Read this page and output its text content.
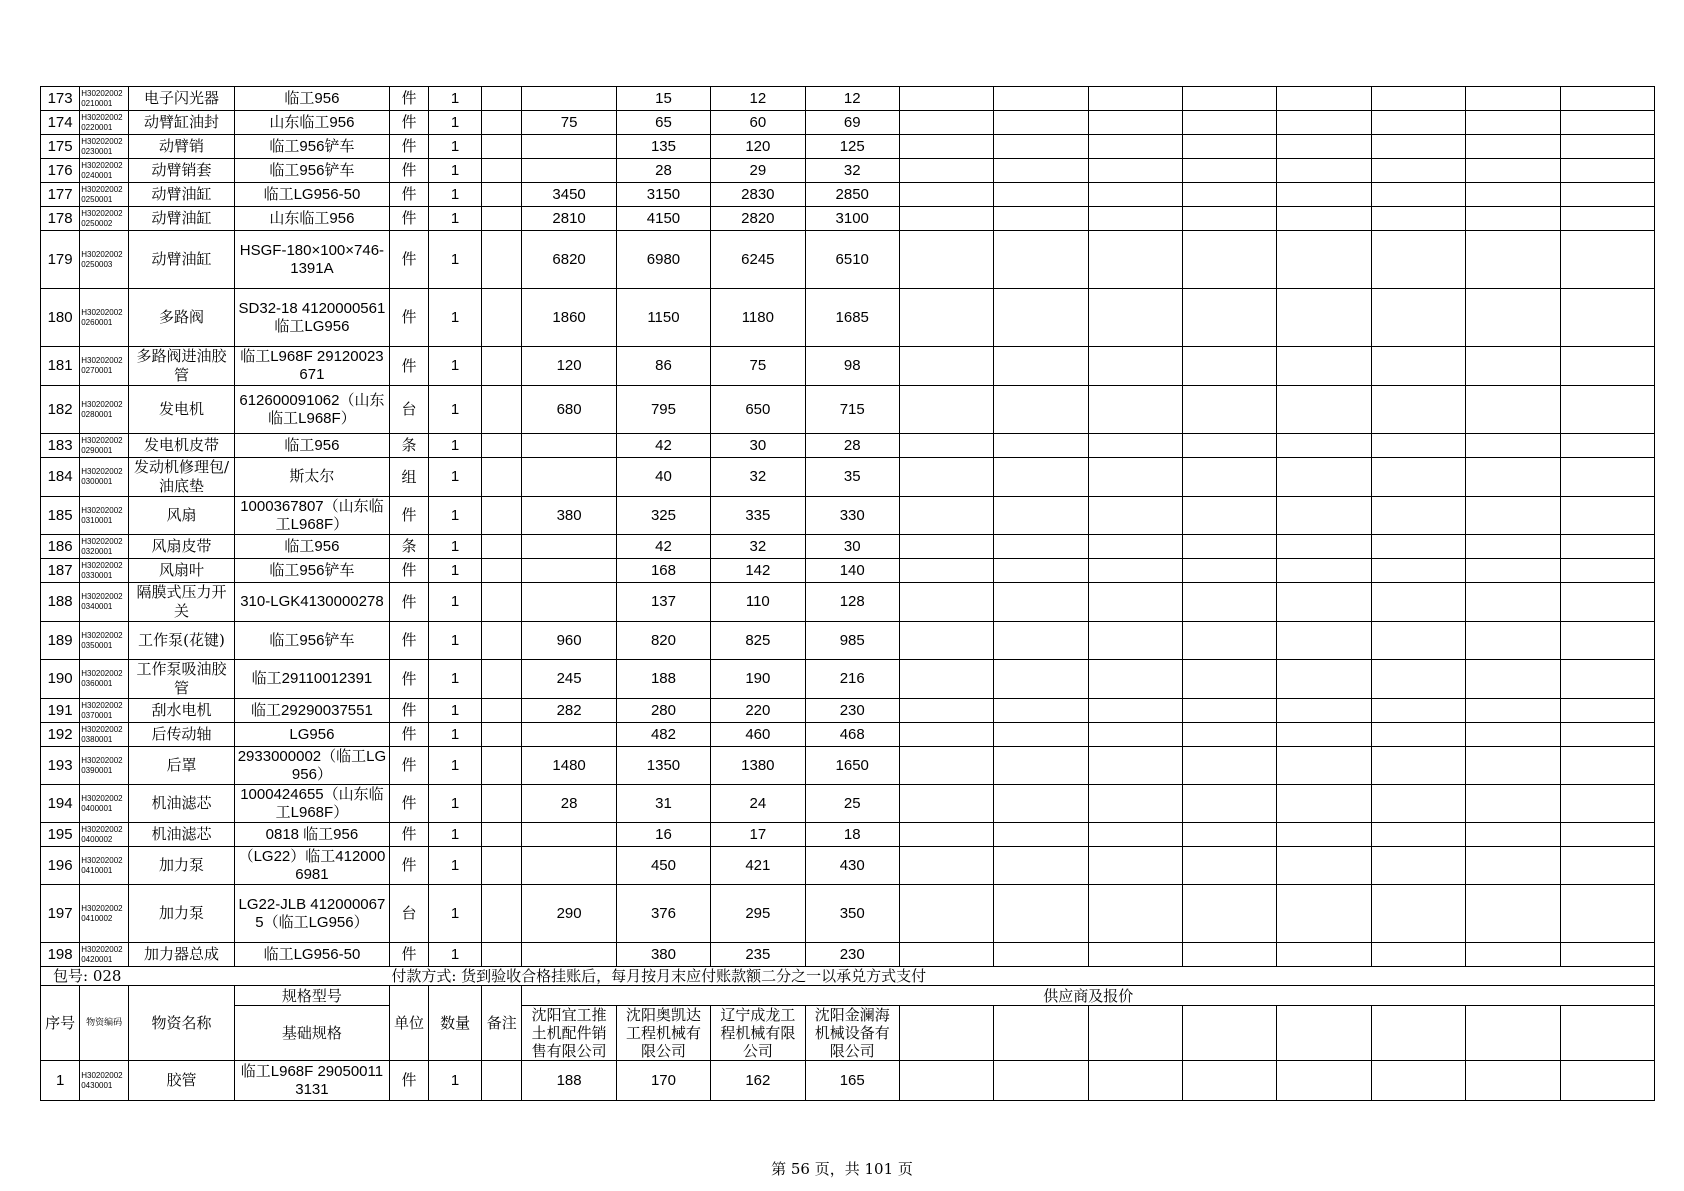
173	H302020020210001	电子闪光器	临工956	件	1			15	12	12								
174	H302020020220001	动臂缸油封	山东临工956	件	1		75	65	60	69								
175	H302020020230001	动臂销	临工956铲车	件	1			135	120	125								
176	H302020020240001	动臂销套	临工956铲车	件	1			28	29	32								
177	H302020020250001	动臂油缸	临工LG956-50	件	1		3450	3150	2830	2850								
178	H302020020250002	动臂油缸	山东临工956	件	1		2810	4150	2820	3100								
179	H302020020250003	动臂油缸	HSGF-180×100×746-1391A	件	1		6820	6980	6245	6510								
180	H302020020260001	多路阀	SD32-18 4120000561临工LG956	件	1		1860	1150	1180	1685								
181	H302020020270001	多路阀进油胶管	临工L968F 29120023671	件	1		120	86	75	98								
182	H302020020280001	发电机	612600091062（山东临工L968F）	台	1		680	795	650	715								
183	H302020020290001	发电机皮带	临工956	条	1			42	30	28								
184	H302020020300001	发动机修理包/油底垫	斯太尔	组	1			40	32	35								
185	H302020020310001	风扇	1000367807（山东临工L968F）	件	1		380	325	335	330								
186	H302020020320001	风扇皮带	临工956	条	1			42	32	30								
187	H302020020330001	风扇叶	临工956铲车	件	1			168	142	140								
188	H302020020340001	隔膜式压力开关	310-LGK4130000278	件	1			137	110	128								
189	H302020020350001	工作泵(花键)	临工956铲车	件	1		960	820	825	985								
190	H302020020360001	工作泵吸油胶管	临工29110012391	件	1		245	188	190	216								
191	H302020020370001	刮水电机	临工29290037551	件	1		282	280	220	230								
192	H302020020380001	后传动轴	LG956	件	1			482	460	468								
193	H302020020390001	后罩	2933000002（临工LG956）	件	1		1480	1350	1380	1650								
194	H302020020400001	机油滤芯	1000424655（山东临工L968F）	件	1		28	31	24	25								
195	H302020020400002	机油滤芯	0818 临工956	件	1			16	17	18								
196	H302020020410001	加力泵	（LG22）临工4120006981	件	1			450	421	430								
197	H302020020410002	加力泵	LG22-JLB 4120000675（临工LG956）	台	1		290	376	295	350								
198	H302020020420001	加力器总成	临工LG956-50	件	1			380	235	230								
包号: 028				付款方式: 货到验收合格挂账后，每月按月末应付账款额二分之一以承兑方式支付														
序号	物资编码	物资名称	规格型号	单位	数量	备注	供应商及报价											
			基础规格				沈阳宜工推土机配件销售有限公司	沈阳奥凯达工程机械有限公司	辽宁成龙工程机械有限公司	沈阳金澜海机械设备有限公司								
1	H302020020430001	胶管	临工L968F 290500113131	件	1		188	170	162	165								
第 56 页，共 101 页
